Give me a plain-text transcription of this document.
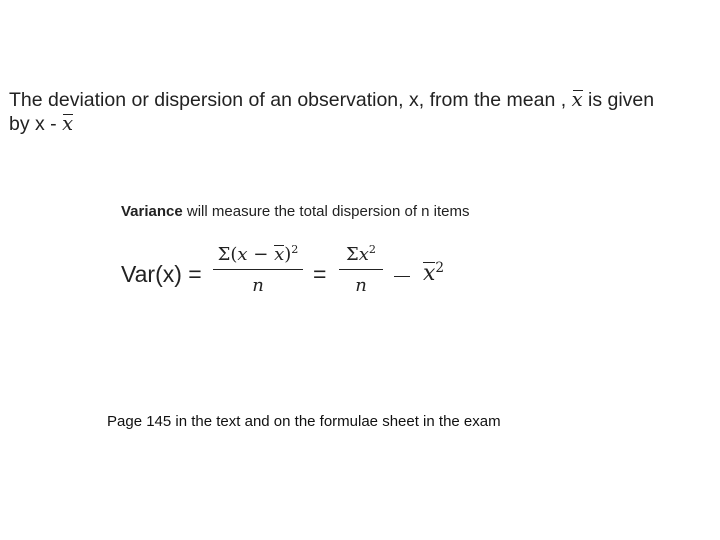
The deviation or dispersion of an observation, x, from the mean , x is given
by x - x
Variance will measure the total dispersion of n items
Var(x) =
$\Sigma(x - x)^2$
n	=
$\Sigma x^2$
n	$x^2$
Page 145 in the text and on the formulae sheet in the exam
